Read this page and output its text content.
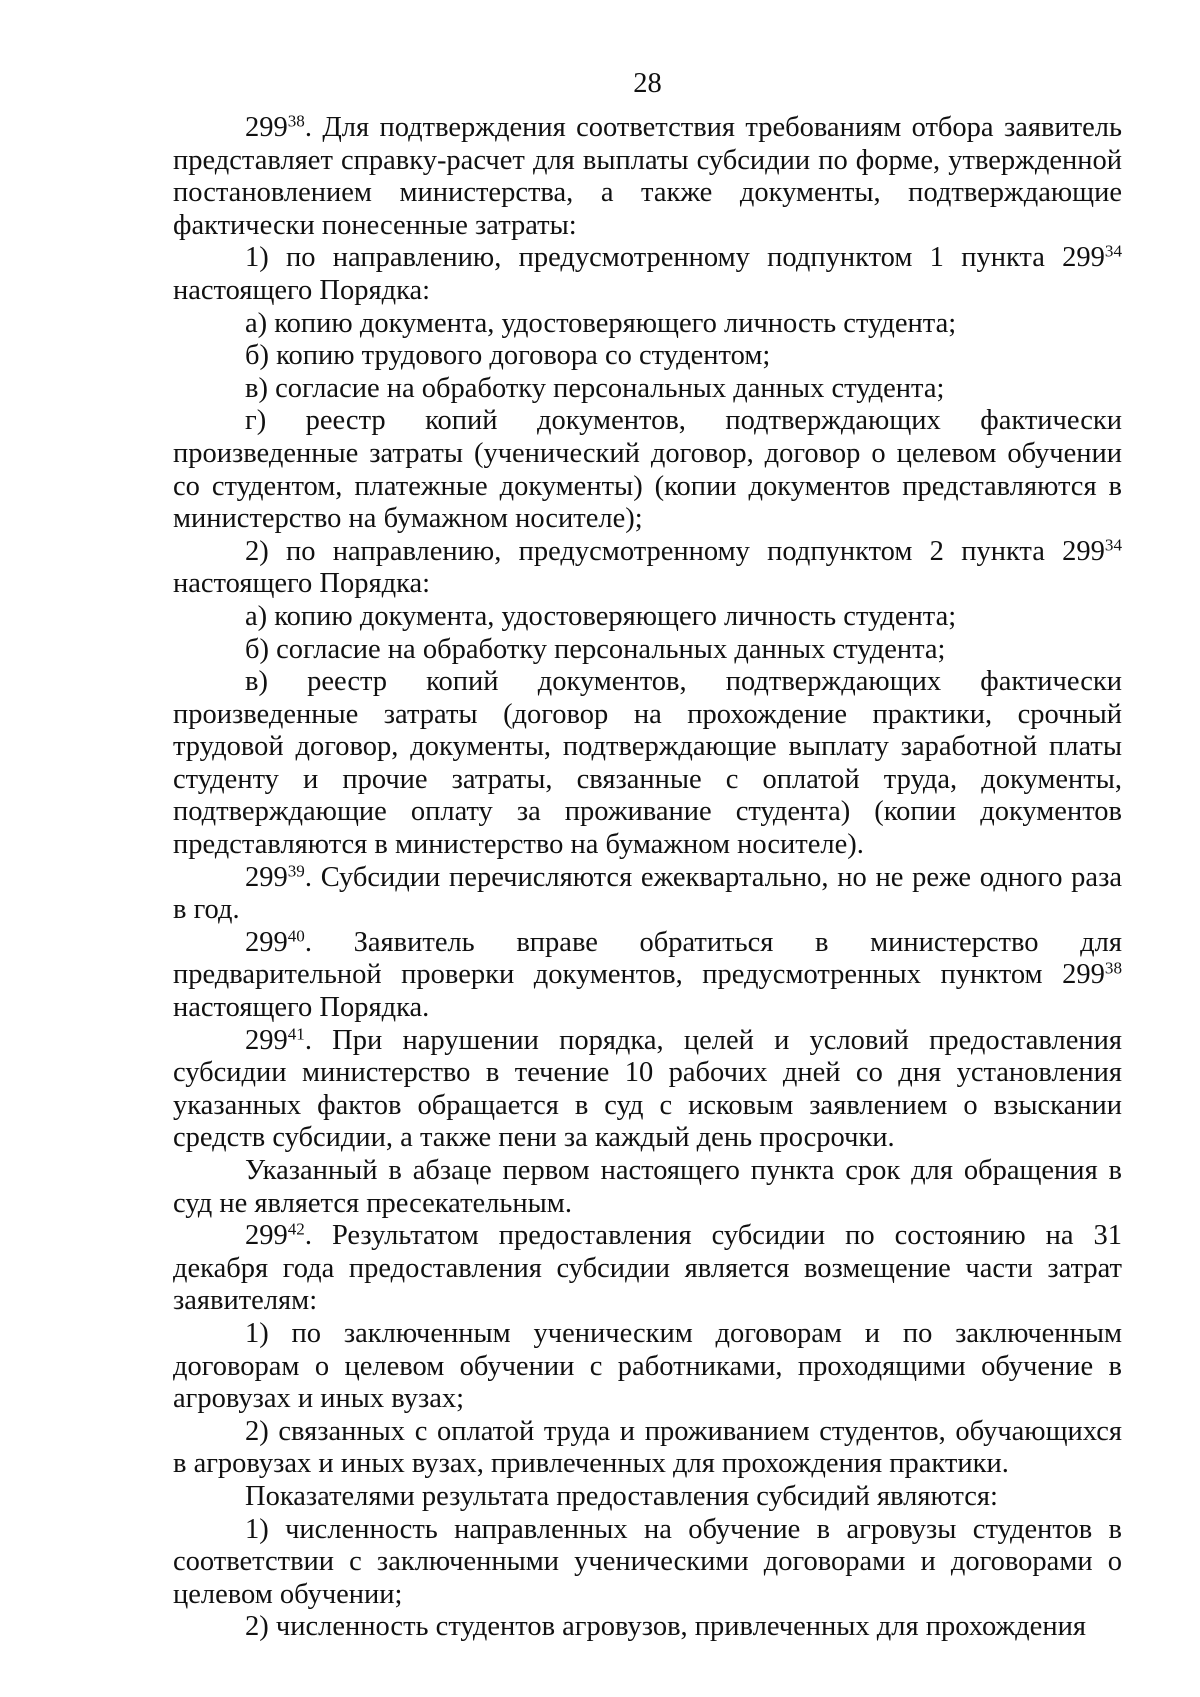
28

$299^{38}$. Для подтверждения соответствия требованиям отбора заявитель представляет справку-расчет для выплаты субсидии по форме, утвержденной постановлением министерства, а также документы, подтверждающие фактически понесенные затраты:

1) по направлению, предусмотренному подпунктом 1 пункта $299^{34}$ настоящего Порядка:

а) копию документа, удостоверяющего личность студента;

б) копию трудового договора со студентом;

в) согласие на обработку персональных данных студента;

г) реестр копий документов, подтверждающих фактически произведенные затраты (ученический договор, договор о целевом обучении со студентом, платежные документы) (копии документов представляются в министерство на бумажном носителе);

2) по направлению, предусмотренному подпунктом 2 пункта $299^{34}$ настоящего Порядка:

а) копию документа, удостоверяющего личность студента;

б) согласие на обработку персональных данных студента;

в) реестр копий документов, подтверждающих фактически произведенные затраты (договор на прохождение практики, срочный трудовой договор, документы, подтверждающие выплату заработной платы студенту и прочие затраты, связанные с оплатой труда, документы, подтверждающие оплату за проживание студента) (копии документов представляются в министерство на бумажном носителе).

$299^{39}$. Субсидии перечисляются ежеквартально, но не реже одного раза в год.

$299^{40}$. Заявитель вправе обратиться в министерство для предварительной проверки документов, предусмотренных пунктом $299^{38}$ настоящего Порядка.

$299^{41}$. При нарушении порядка, целей и условий предоставления субсидии министерство в течение 10 рабочих дней со дня установления указанных фактов обращается в суд с исковым заявлением о взыскании средств субсидии, а также пени за каждый день просрочки.

Указанный в абзаце первом настоящего пункта срок для обращения в суд не является пресекательным.

$299^{42}$. Результатом предоставления субсидии по состоянию на 31 декабря года предоставления субсидии является возмещение части затрат заявителям:

1) по заключенным ученическим договорам и по заключенным договорам о целевом обучении с работниками, проходящими обучение в агровузах и иных вузах;

2) связанных с оплатой труда и проживанием студентов, обучающихся в агровузах и иных вузах, привлеченных для прохождения практики.

Показателями результата предоставления субсидий являются:

1) численность направленных на обучение в агровузы студентов в соответствии с заключенными ученическими договорами и договорами о целевом обучении;

2) численность студентов агровузов, привлеченных для прохождения
